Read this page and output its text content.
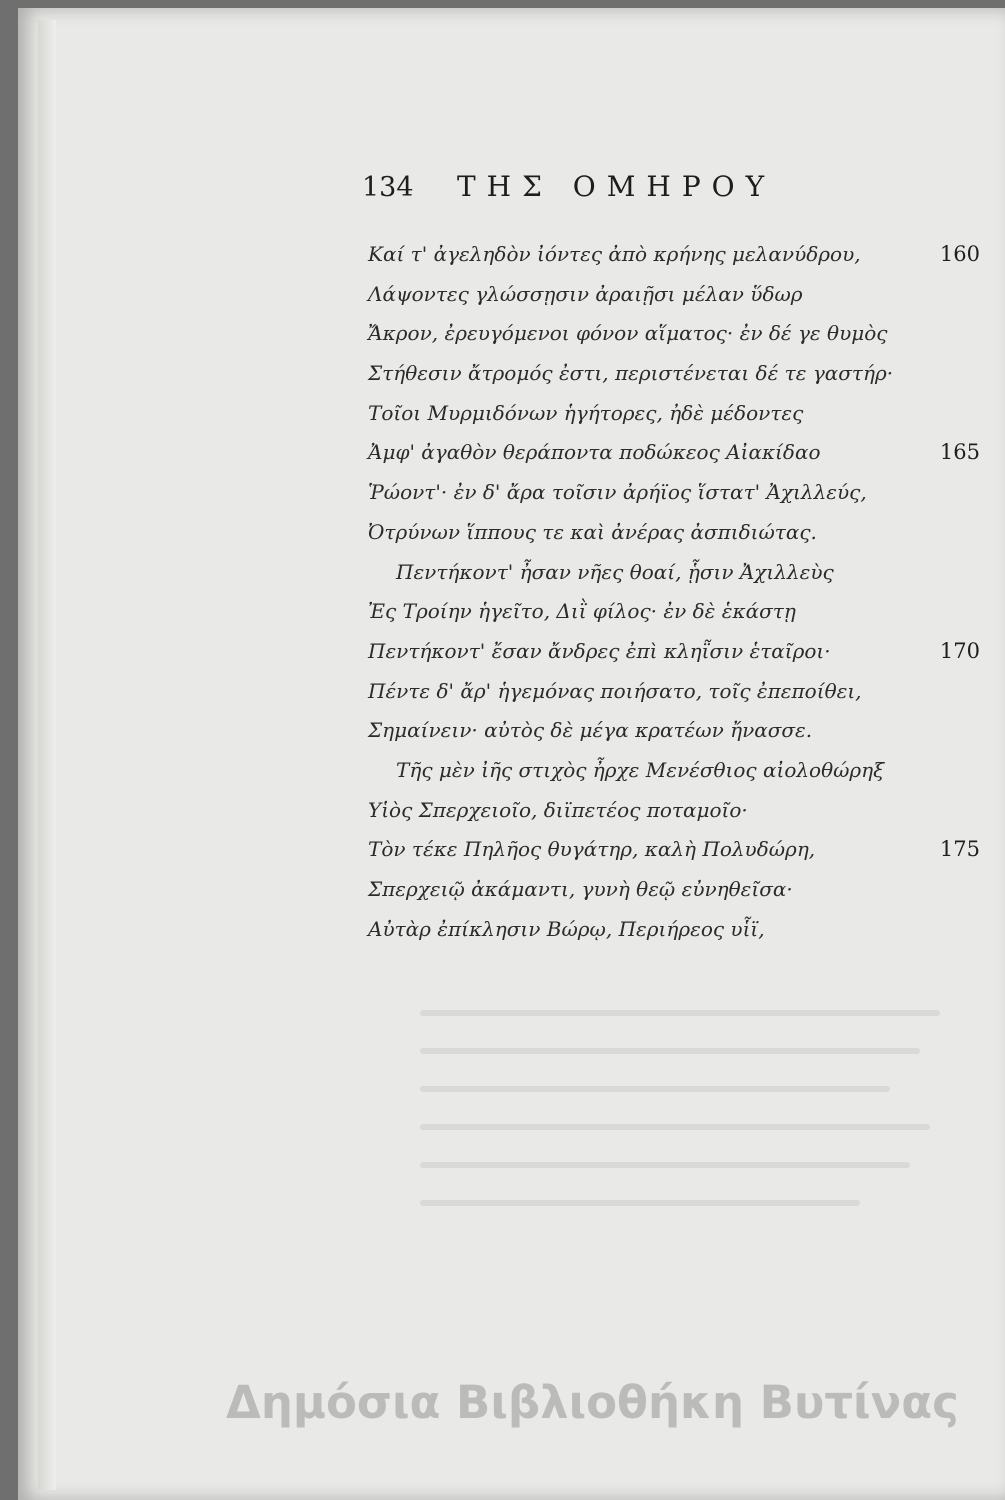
134	ΤΗΣ ΟΜΗΡΟΥ
Καί τ' ἀγεληδὸν ἰόντες ἀπὸ κρήνης μελανύδρου,	160
Λάψοντες γλώσσῃσιν ἀραιῇσι μέλαν ὕδωρ
Ἄκρον, ἐρευγόμενοι φόνον αἵματος· ἐν δέ γε θυμὸς
Στήθεσιν ἄτρομός ἐστι, περιστένεται δέ τε γαστήρ·
Τοῖοι Μυρμιδόνων ἡγήτορες, ἠδὲ μέδοντες
Ἀμφ' ἀγαθὸν θεράποντα ποδώκεος Αἰακίδαο	165
Ῥώοντ'· ἐν δ' ἄρα τοῖσιν ἀρήϊος ἵστατ' Ἀχιλλεύς,
Ὀτρύνων ἵππους τε καὶ ἀνέρας ἀσπιδιώτας.
Πεντήκοντ' ἦσαν νῆες θοαί, ᾗσιν Ἀχιλλεὺς
Ἐς Τροίην ἡγεῖτο, Διῒ φίλος· ἐν δὲ ἑκάστῃ
Πεντήκοντ' ἔσαν ἄνδρες ἐπὶ κληῗσιν ἑταῖροι·	170
Πέντε δ' ἄρ' ἡγεμόνας ποιήσατο, τοῖς ἐπεποίθει,
Σημαίνειν· αὐτὸς δὲ μέγα κρατέων ἤνασσε.
Τῆς μὲν ἰῆς στιχὸς ἦρχε Μενέσθιος αἰολοθώρηξ
Υἱὸς Σπερχειοῖο, διϊπετέος ποταμοῖο·
Τὸν τέκε Πηλῆος θυγάτηρ, καλὴ Πολυδώρη,	175
Σπερχειῷ ἀκάμαντι, γυνὴ θεῷ εὐνηθεῖσα·
Αὐτὰρ ἐπίκλησιν Βώρῳ, Περιήρεος υἷϊ,
Δημόσια Βιβλιοθήκη Βυτίνας
